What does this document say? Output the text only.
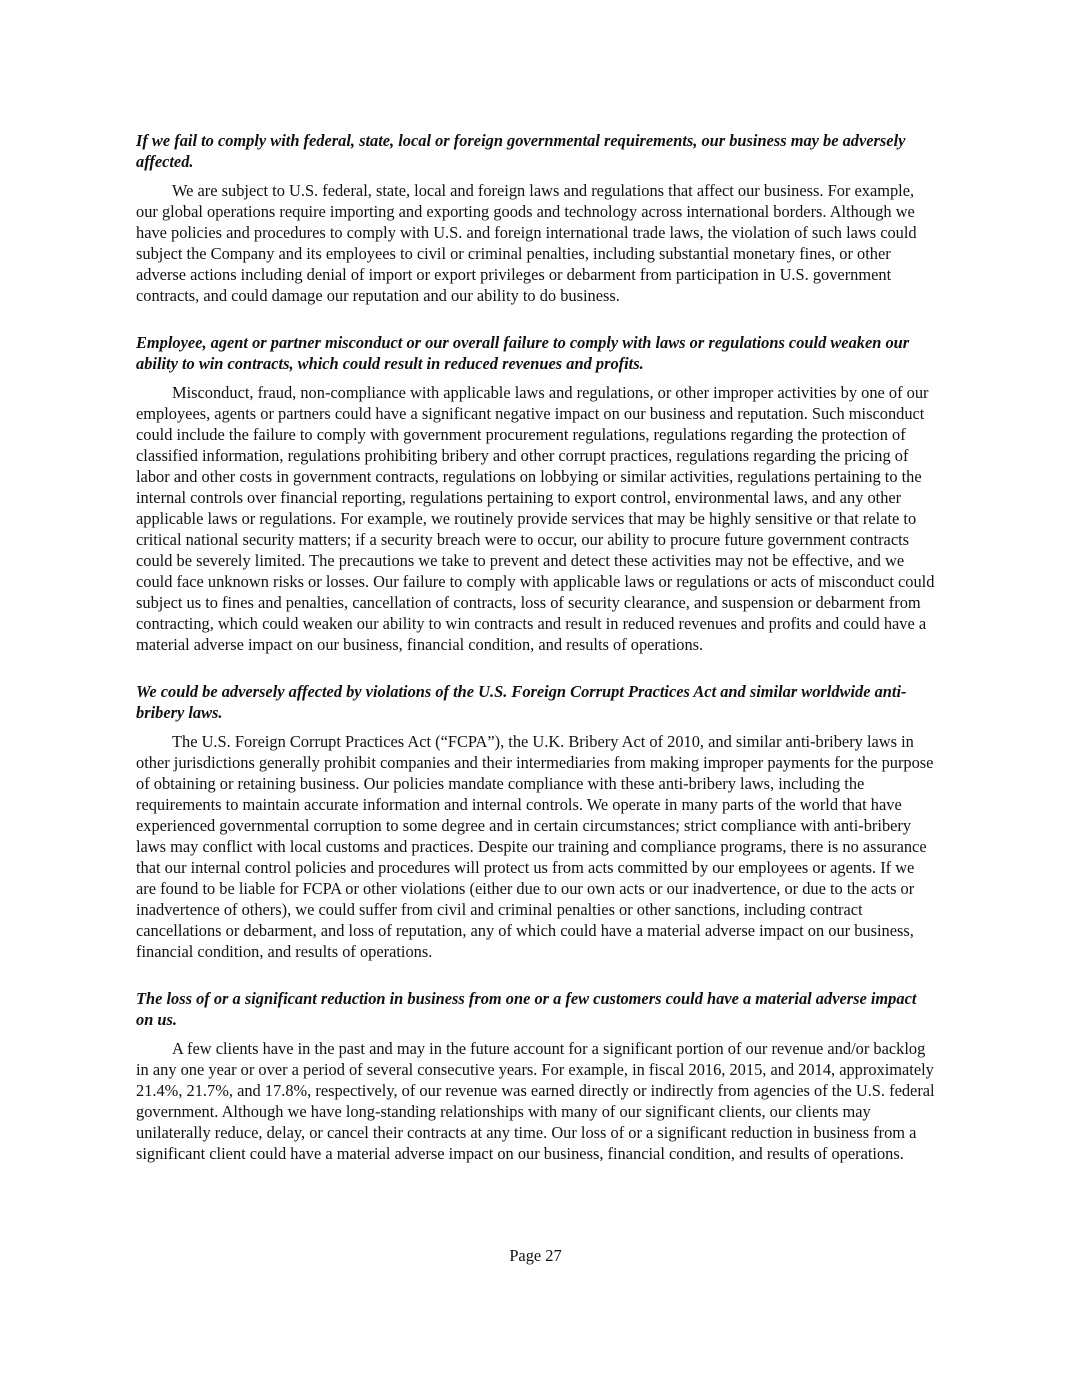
If we fail to comply with federal, state, local or foreign governmental requirements, our business may be adversely affected.

We are subject to U.S. federal, state, local and foreign laws and regulations that affect our business. For example, our global operations require importing and exporting goods and technology across international borders. Although we have policies and procedures to comply with U.S. and foreign international trade laws, the violation of such laws could subject the Company and its employees to civil or criminal penalties, including substantial monetary fines, or other adverse actions including denial of import or export privileges or debarment from participation in U.S. government contracts, and could damage our reputation and our ability to do business.

Employee, agent or partner misconduct or our overall failure to comply with laws or regulations could weaken our ability to win contracts, which could result in reduced revenues and profits.

Misconduct, fraud, non-compliance with applicable laws and regulations, or other improper activities by one of our employees, agents or partners could have a significant negative impact on our business and reputation. Such misconduct could include the failure to comply with government procurement regulations, regulations regarding the protection of classified information, regulations prohibiting bribery and other corrupt practices, regulations regarding the pricing of labor and other costs in government contracts, regulations on lobbying or similar activities, regulations pertaining to the internal controls over financial reporting, regulations pertaining to export control, environmental laws, and any other applicable laws or regulations. For example, we routinely provide services that may be highly sensitive or that relate to critical national security matters; if a security breach were to occur, our ability to procure future government contracts could be severely limited. The precautions we take to prevent and detect these activities may not be effective, and we could face unknown risks or losses. Our failure to comply with applicable laws or regulations or acts of misconduct could subject us to fines and penalties, cancellation of contracts, loss of security clearance, and suspension or debarment from contracting, which could weaken our ability to win contracts and result in reduced revenues and profits and could have a material adverse impact on our business, financial condition, and results of operations.

We could be adversely affected by violations of the U.S. Foreign Corrupt Practices Act and similar worldwide anti-bribery laws.

The U.S. Foreign Corrupt Practices Act (“FCPA”), the U.K. Bribery Act of 2010, and similar anti-bribery laws in other jurisdictions generally prohibit companies and their intermediaries from making improper payments for the purpose of obtaining or retaining business. Our policies mandate compliance with these anti-bribery laws, including the requirements to maintain accurate information and internal controls. We operate in many parts of the world that have experienced governmental corruption to some degree and in certain circumstances; strict compliance with anti-bribery laws may conflict with local customs and practices. Despite our training and compliance programs, there is no assurance that our internal control policies and procedures will protect us from acts committed by our employees or agents. If we are found to be liable for FCPA or other violations (either due to our own acts or our inadvertence, or due to the acts or inadvertence of others), we could suffer from civil and criminal penalties or other sanctions, including contract cancellations or debarment, and loss of reputation, any of which could have a material adverse impact on our business, financial condition, and results of operations.

The loss of or a significant reduction in business from one or a few customers could have a material adverse impact on us.

A few clients have in the past and may in the future account for a significant portion of our revenue and/or backlog in any one year or over a period of several consecutive years. For example, in fiscal 2016, 2015, and 2014, approximately 21.4%, 21.7%, and 17.8%, respectively, of our revenue was earned directly or indirectly from agencies of the U.S. federal government. Although we have long-standing relationships with many of our significant clients, our clients may unilaterally reduce, delay, or cancel their contracts at any time. Our loss of or a significant reduction in business from a significant client could have a material adverse impact on our business, financial condition, and results of operations.

Page 27
